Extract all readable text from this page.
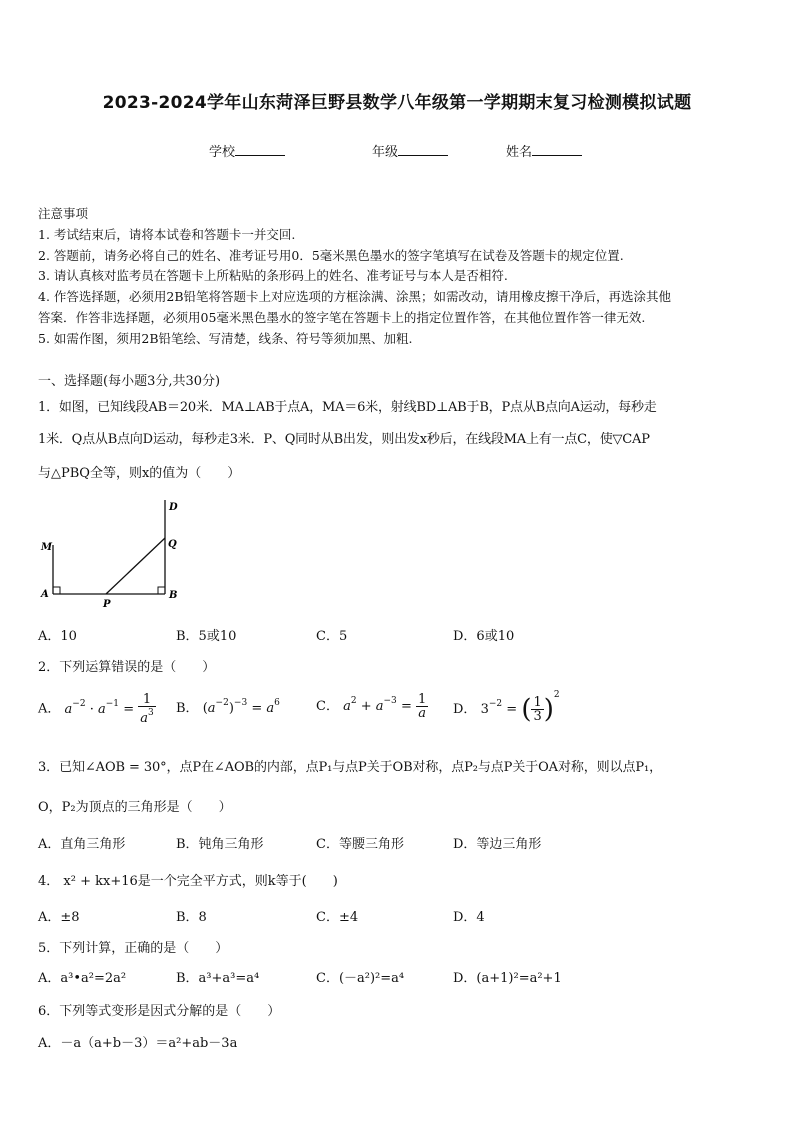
2023-2024学年山东菏泽巨野县数学八年级第一学期期末复习检测模拟试题
学校	年级	姓名
注意事项
1. 考试结束后，请将本试卷和答题卡一并交回.
2. 答题前，请务必将自己的姓名、准考证号用0．5毫米黑色墨水的签字笔填写在试卷及答题卡的规定位置.
3. 请认真核对监考员在答题卡上所粘贴的条形码上的姓名、准考证号与本人是否相符.
4. 作答选择题，必须用2B铅笔将答题卡上对应选项的方框涂满、涂黑；如需改动，请用橡皮擦干净后，再选涂其他
答案．作答非选择题，必须用05毫米黑色墨水的签字笔在答题卡上的指定位置作答，在其他位置作答一律无效.
5. 如需作图，须用2B铅笔绘、写清楚，线条、符号等须加黑、加粗.
一、选择题(每小题3分,共30分)
1．如图，已知线段AB＝20米．MA⊥AB于点A，MA＝6米，射线BD⊥AB于B，P点从B点向A运动，每秒走
1米．Q点从B点向D运动，每秒走3米．P、Q同时从B出发，则出发x秒后，在线段MA上有一点C，使▽CAP
与△PBQ全等，则x的值为（　　）
D
M	Q
A
P
B
A．10	B．5或10	C．5	D．6或10
2．下列运算错误的是（　　）
A． $a^{-2} \cdot a^{-1} = \frac{1}{a^3}$ B． $(a^{-2})^{-3} = a^6$	C． $a^2 + a^{-3} = \frac{1}{a}$ D． $3^{-2}$ = ( $\frac{1}{3} )^2$
3．已知∠AOB = 30°，点P在∠AOB的内部，点P₁与点P关于OB对称，点P₂与点P关于OA对称，则以点P₁，
O，P₂为顶点的三角形是（　　）
A．直角三角形	B．钝角三角形	C．等腰三角形	D．等边三角形
4． x² + kx+16是一个完全平方式，则k等于(　　)
A．±8	B．8	C．±4	D．4
5．下列计算，正确的是（　　）
A．a³•a²=2a²	B．a³+a³=a⁴	C．(－a²)²=a⁴	D．(a+1)²=a²+1
6．下列等式变形是因式分解的是（　　）
A．－a（a+b－3）＝a²+ab－3a
